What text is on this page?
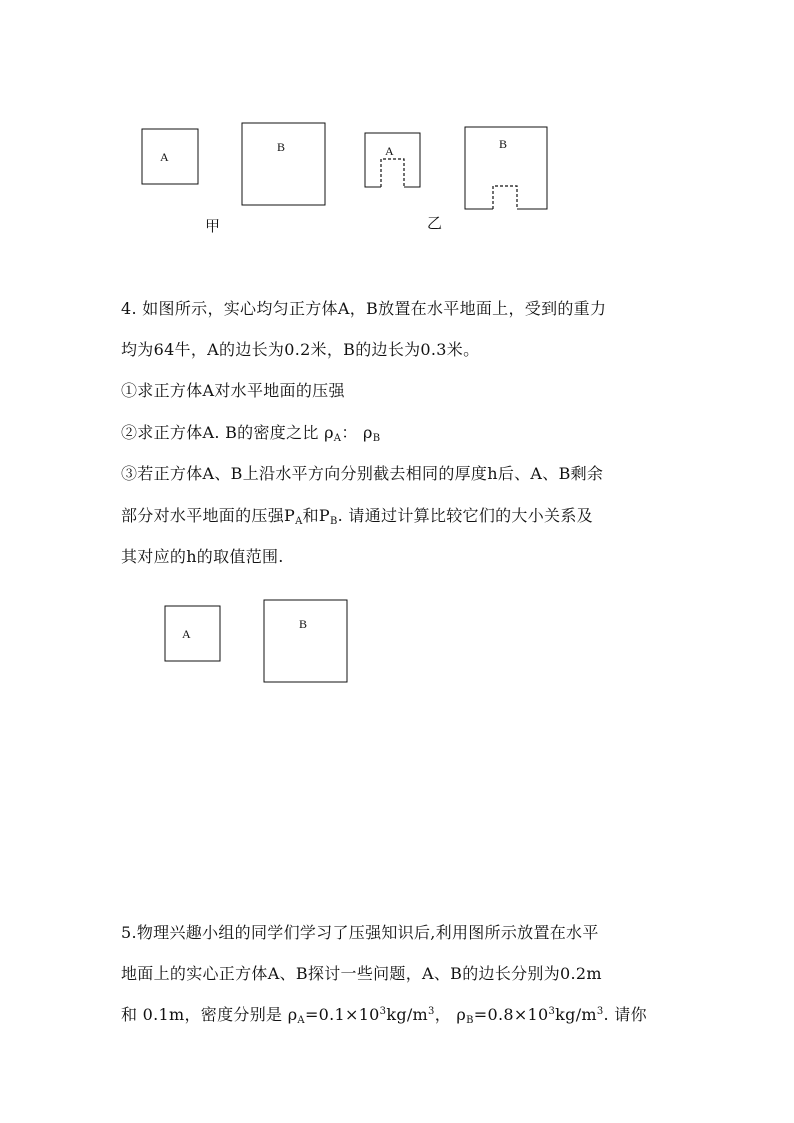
A
B	A	B
甲	乙
4. 如图所示，实心均匀正方体A，B放置在水平地面上，受到的重力
均为64牛，A的边长为0.2米，B的边长为0.3米。
①求正方体A对水平地面的压强
②求正方体A. B的密度之比 $\rho_A$： $\rho_B$
③若正方体A、B上沿水平方向分别截去相同的厚度h后、A、B剩余
部分对水平地面的压强$P_A$和$P_B$. 请通过计算比较它们的大小关系及
其对应的h的取值范围.
A
B
5.物理兴趣小组的同学们学习了压强知识后,利用图所示放置在水平
地面上的实心正方体A、B探讨一些问题，A、B的边长分别为0.2m
和 0.1m，密度分别是 $\rho_A=0.1\times 10^3kg/m^3$， $\rho_B=0.8\times 10^3kg/m^3$. 请你
